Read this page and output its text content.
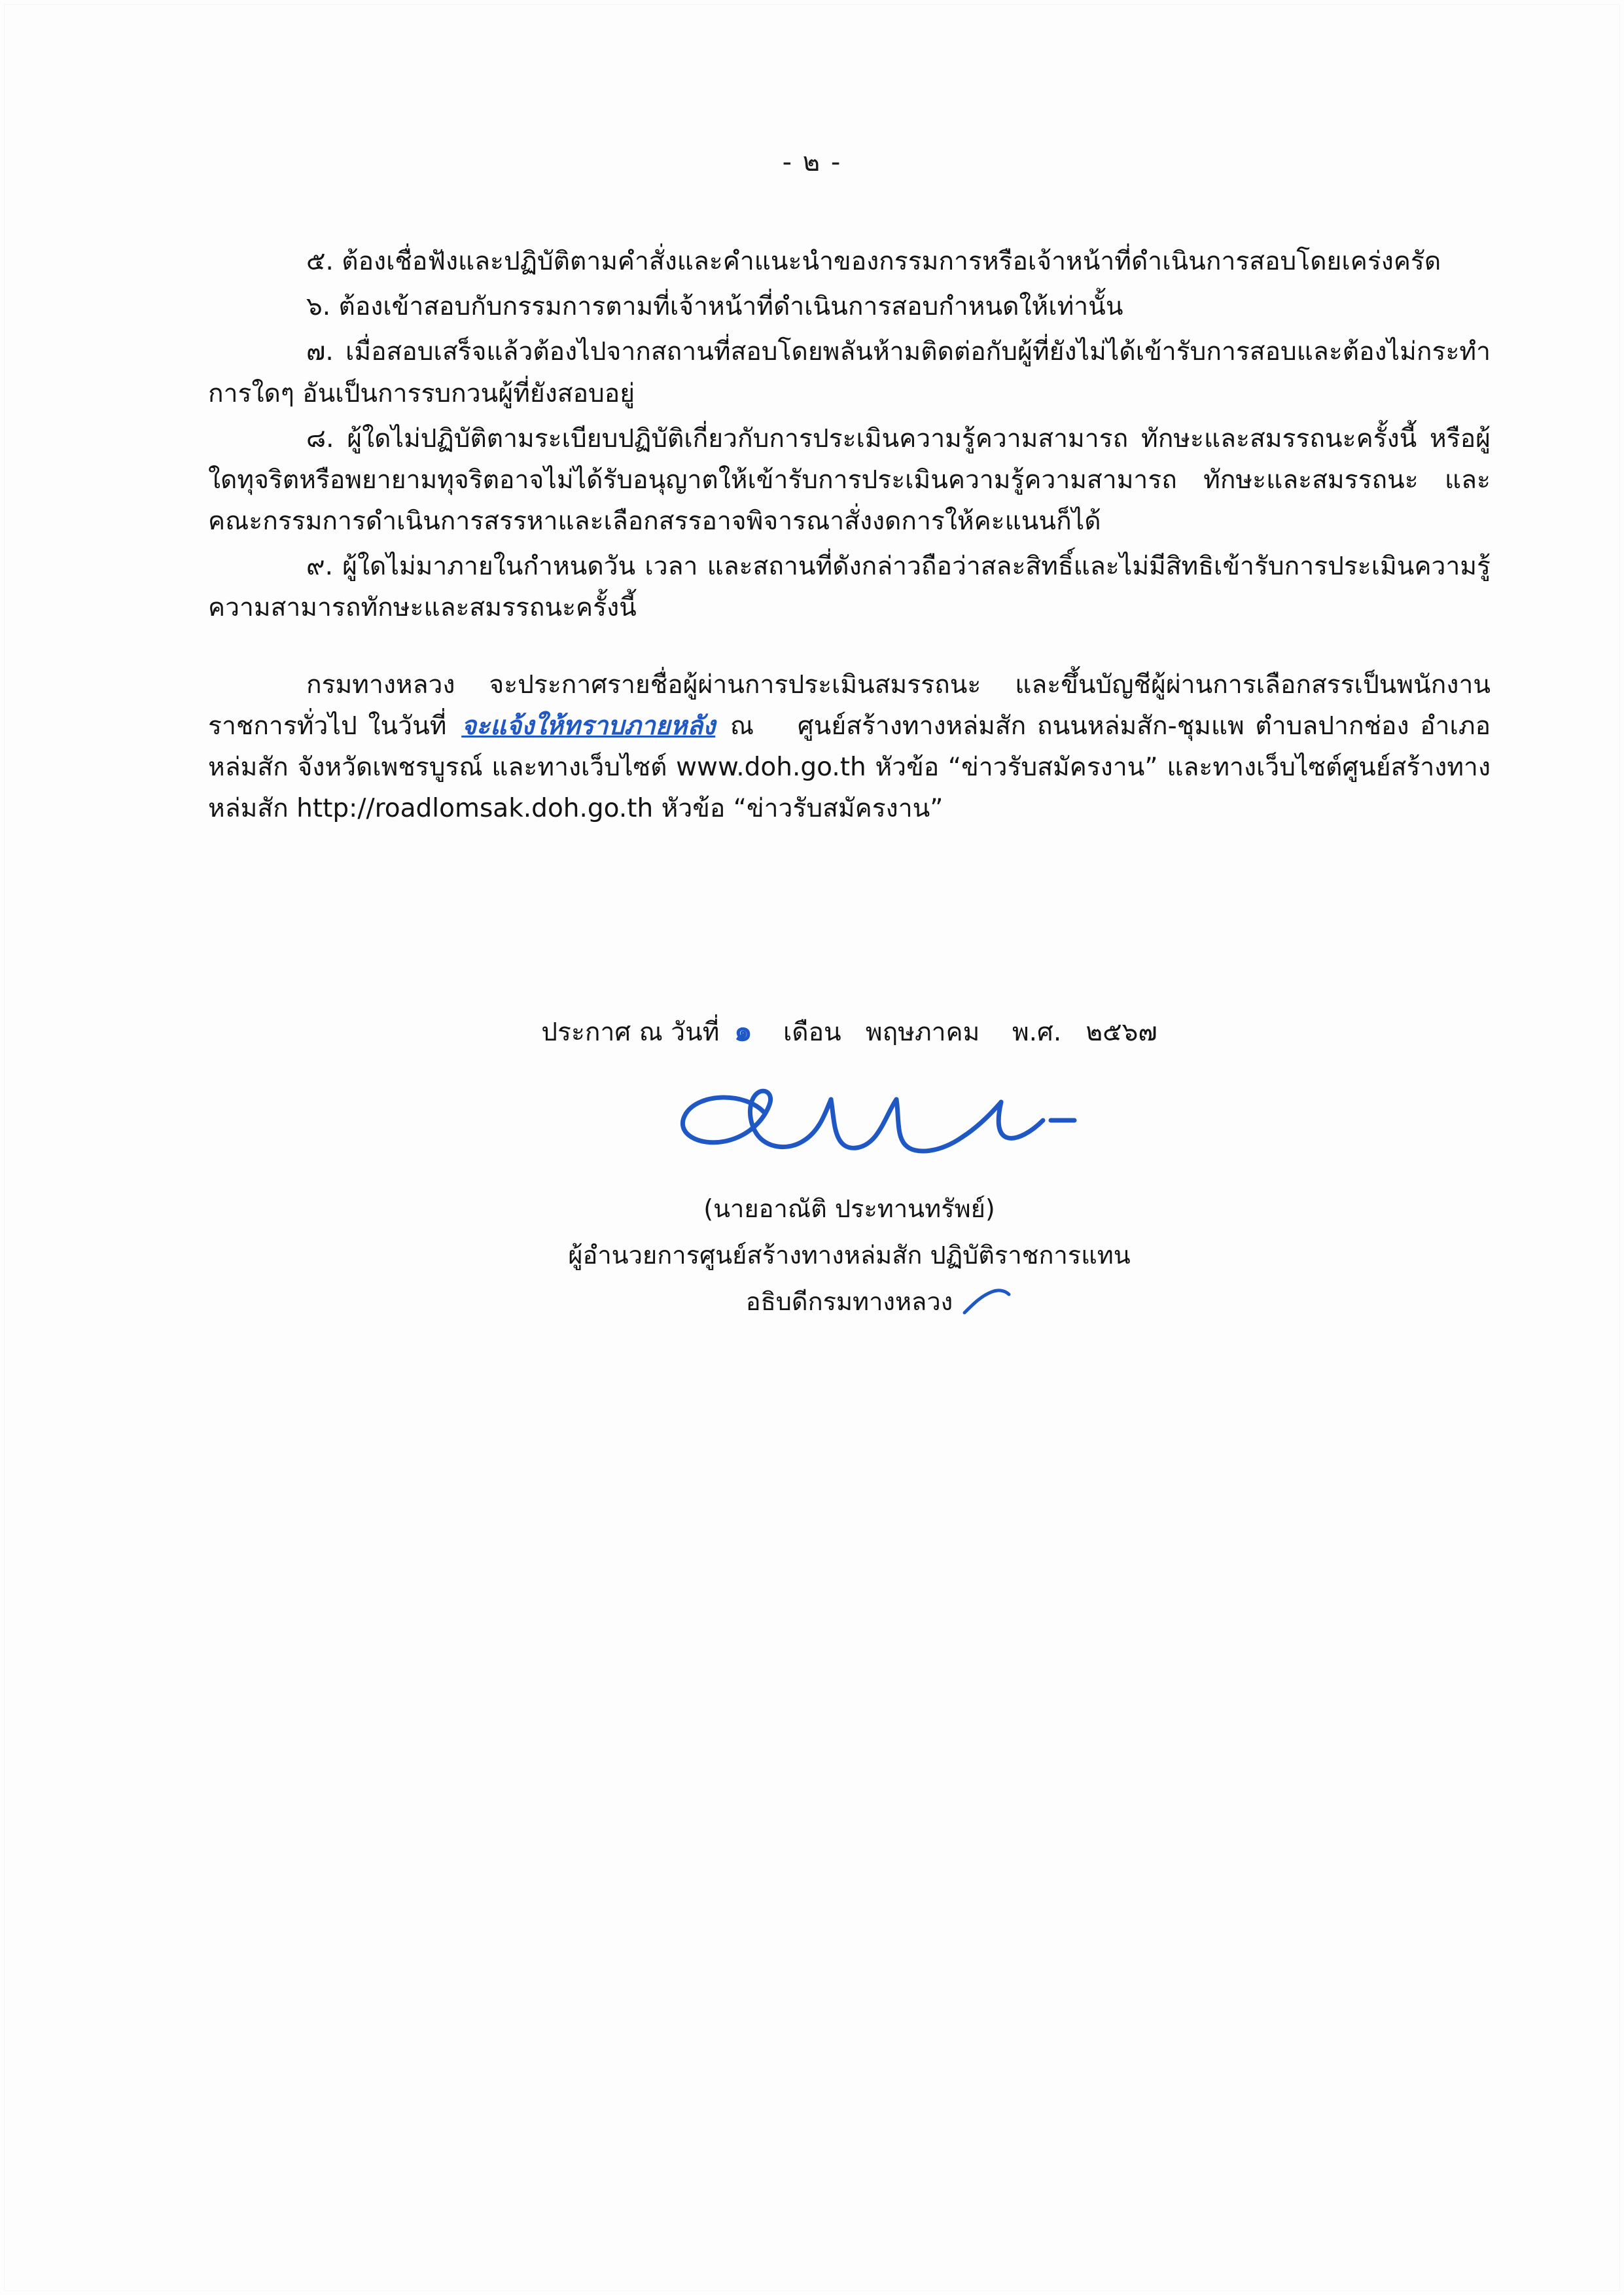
- ๒ -

๕. ต้องเชื่อฟังและปฏิบัติตามคำสั่งและคำแนะนำของกรรมการหรือเจ้าหน้าที่ดำเนินการสอบโดยเคร่งครัด

๖. ต้องเข้าสอบกับกรรมการตามที่เจ้าหน้าที่ดำเนินการสอบกำหนดให้เท่านั้น

๗. เมื่อสอบเสร็จแล้วต้องไปจากสถานที่สอบโดยพลันห้ามติดต่อกับผู้ที่ยังไม่ได้เข้ารับการสอบและต้องไม่กระทำการใดๆ อันเป็นการรบกวนผู้ที่ยังสอบอยู่

๘. ผู้ใดไม่ปฏิบัติตามระเบียบปฏิบัติเกี่ยวกับการประเมินความรู้ความสามารถ ทักษะและสมรรถนะครั้งนี้ หรือผู้ใดทุจริตหรือพยายามทุจริตอาจไม่ได้รับอนุญาตให้เข้ารับการประเมินความรู้ความสามารถ ทักษะและสมรรถนะ และคณะกรรมการดำเนินการสรรหาและเลือกสรรอาจพิจารณาสั่งงดการให้คะแนนก็ได้

๙. ผู้ใดไม่มาภายในกำหนดวัน เวลา และสถานที่ดังกล่าวถือว่าสละสิทธิ์และไม่มีสิทธิเข้ารับการประเมินความรู้ความสามารถทักษะและสมรรถนะครั้งนี้

กรมทางหลวง จะประกาศรายชื่อผู้ผ่านการประเมินสมรรถนะ และขึ้นบัญชีผู้ผ่านการเลือกสรรเป็นพนักงานราชการทั่วไป ในวันที่ จะแจ้งให้ทราบภายหลัง ณ ศูนย์สร้างทางหล่มสัก ถนนหล่มสัก-ชุมแพ ตำบลปากช่อง อำเภอหล่มสัก จังหวัดเพชรบูรณ์ และทางเว็บไซต์ www.doh.go.th หัวข้อ “ข่าวรับสมัครงาน” และทางเว็บไซต์ศูนย์สร้างทางหล่มสัก http://roadlomsak.doh.go.th หัวข้อ “ข่าวรับสมัครงาน”

ประกาศ ณ วันที่ ๑ เดือน พฤษภาคม พ.ศ. ๒๕๖๗
(นายอาณัติ ประทานทรัพย์)
ผู้อำนวยการศูนย์สร้างทางหล่มสัก ปฏิบัติราชการแทน
อธิบดีกรมทางหลวง
